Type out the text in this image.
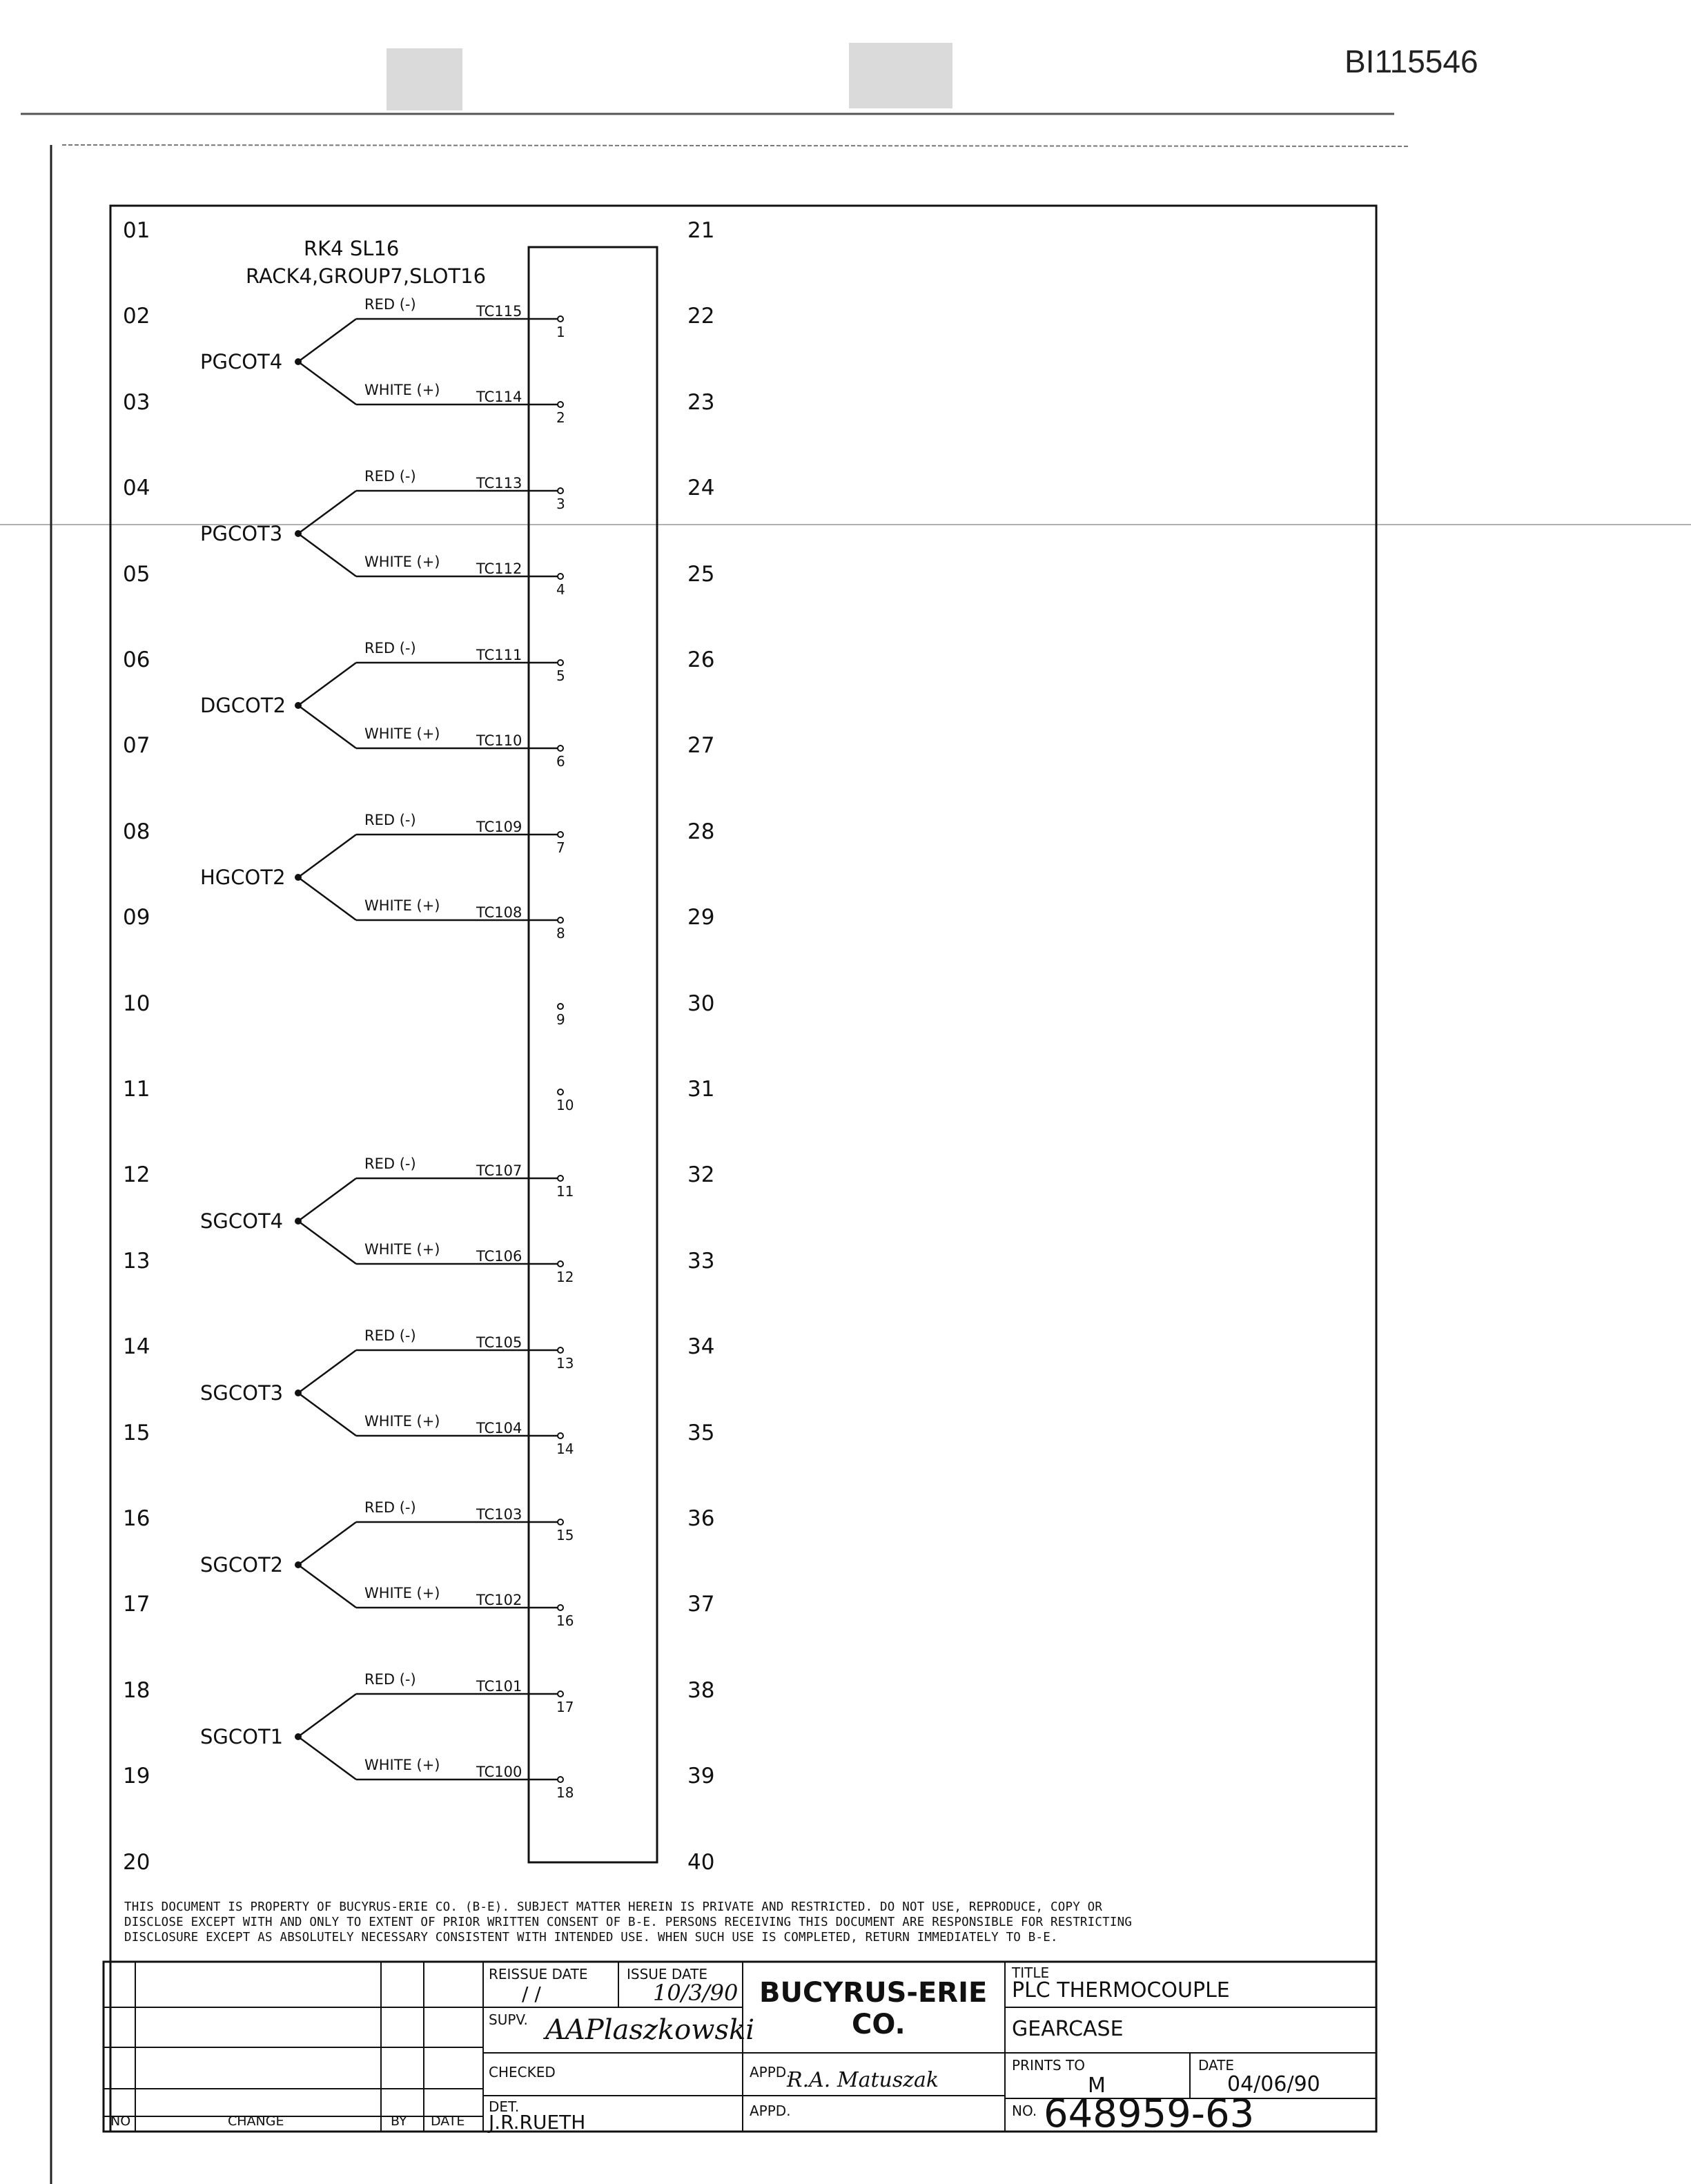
BI115546
RK4 SL16
RACK4,GROUP7,SLOT16
PGCOT4
RED (-)	TC115
1
WHITE (+) TC114
2
PGCOT3
RED (-)	TC113
3
WHITE (+) TC112
4
DGCOT2
RED (-)	TC111
5
WHITE (+) TC110
6
HGCOT2
RED (-)	TC109
7
WHITE (+) TC108
8
SGCOT4
RED (-)	TC107
11
WHITE (+) TC106
12
SGCOT3
RED (-)	TC105
13
WHITE (+) TC104
14
SGCOT2
RED (-)	TC103
15
WHITE (+) TC102
16
SGCOT1
RED (-)	TC101
17
WHITE (+) TC100
18
9
10
01
02
03
04
05
06
07
08
09
10
11
12
13
14
15
16
17
18
19
20
21
22
23
24
25
26
27
28
29
30
31
32
33
34
35
36
37
38
39
40
THIS DOCUMENT IS PROPERTY OF BUCYRUS-ERIE CO. (B-E). SUBJECT MATTER HEREIN IS PRIVATE AND RESTRICTED. DO NOT USE, REPRODUCE, COPY OR
DISCLOSE EXCEPT WITH AND ONLY TO EXTENT OF PRIOR WRITTEN CONSENT OF B-E. PERSONS RECEIVING THIS DOCUMENT ARE RESPONSIBLE FOR RESTRICTING
DISCLOSURE EXCEPT AS ABSOLUTELY NECESSARY CONSISTENT WITH INTENDED USE. WHEN SUCH USE IS COMPLETED, RETURN IMMEDIATELY TO B-E.
NO	CHANGE	BY DATE
REISSUE DATE
/ /
ISSUE DATE
10/3/90
SUPV. AAPlaszkowski
CHECKED
DET.
J.R.RUETH
BUCYRUS-ERIE
CO.
APPD.
R.A. Matuszak
APPD.
TITLE
PLC THERMOCOUPLE
GEARCASE
PRINTS TO
M
DATE
04/06/90
NO. 648959-63
